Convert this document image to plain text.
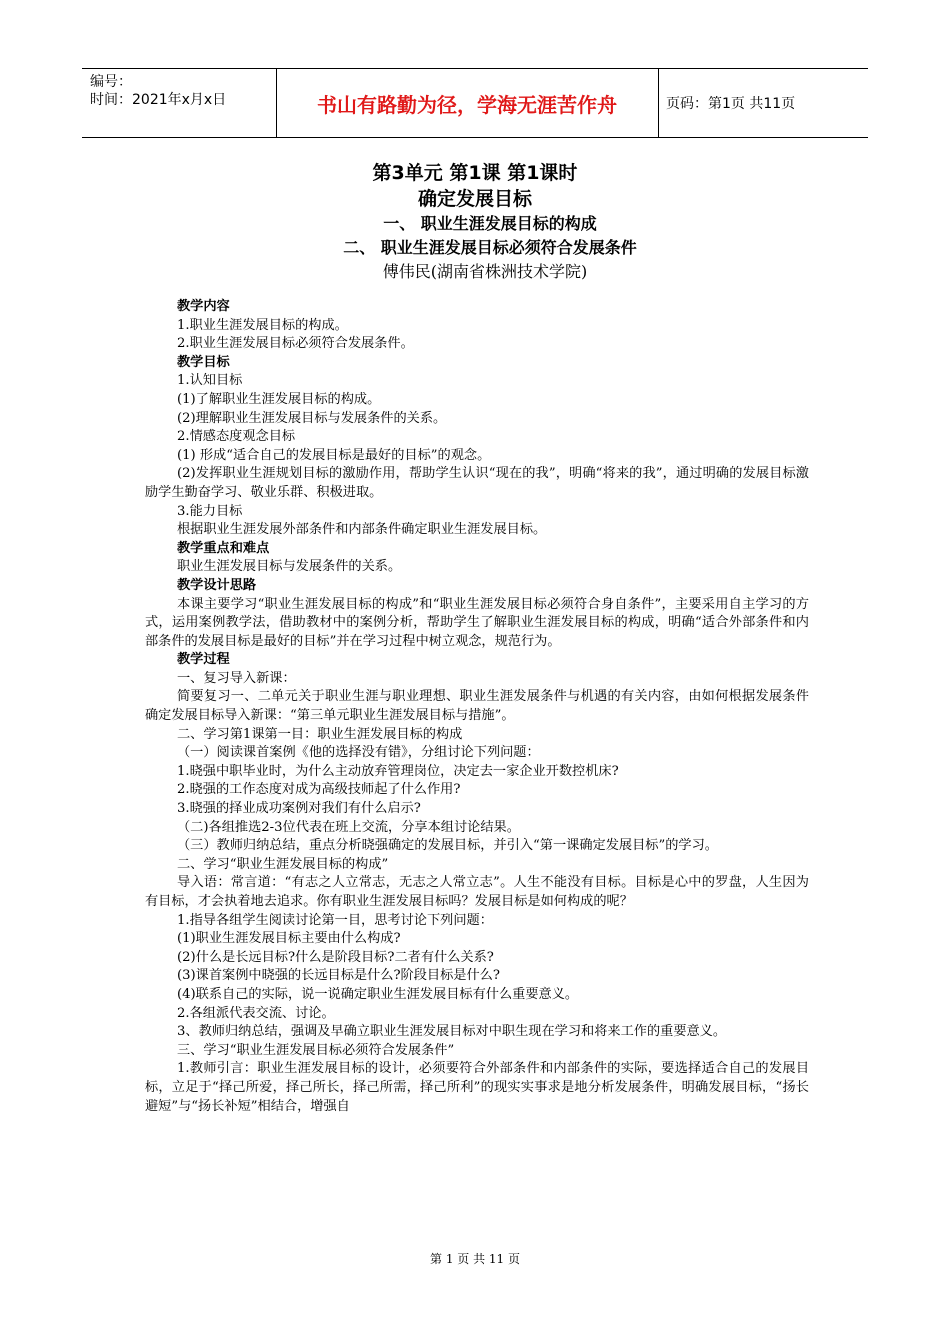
编号：
时间：2021年x月x日	书山有路勤为径，学海无涯苦作舟	页码：第1页 共11页
第3单元 第1课 第1课时
确定发展目标
一、 职业生涯发展目标的构成
二、 职业生涯发展目标必须符合发展条件
傅伟民(湖南省株洲技术学院)

教学内容

1.职业生涯发展目标的构成。

2.职业生涯发展目标必须符合发展条件。

教学目标

1.认知目标

(1)了解职业生涯发展目标的构成。

(2)理解职业生涯发展目标与发展条件的关系。

2.情感态度观念目标

(1) 形成“适合自己的发展目标是最好的目标”的观念。

(2)发挥职业生涯规划目标的激励作用，帮助学生认识“现在的我”，明确“将来的我”，通过明确的发展目标激励学生勤奋学习、敬业乐群、积极进取。

3.能力目标

根据职业生涯发展外部条件和内部条件确定职业生涯发展目标。

教学重点和难点

职业生涯发展目标与发展条件的关系。

教学设计思路

本课主要学习“职业生涯发展目标的构成”和“职业生涯发展目标必须符合身自条件”，主要采用自主学习的方式，运用案例教学法，借助教材中的案例分析，帮助学生了解职业生涯发展目标的构成，明确“适合外部条件和内部条件的发展目标是最好的目标”并在学习过程中树立观念，规范行为。

教学过程

一、复习导入新课：

简要复习一、二单元关于职业生涯与职业理想、职业生涯发展条件与机遇的有关内容，由如何根据发展条件确定发展目标导入新课：“第三单元职业生涯发展目标与措施”。

二、学习第1课第一目：职业生涯发展目标的构成

（一）阅读课首案例《他的选择没有错》，分组讨论下列问题：

1.晓强中职毕业时，为什么主动放弃管理岗位，决定去一家企业开数控机床?

2.晓强的工作态度对成为高级技师起了什么作用?

3.晓强的择业成功案例对我们有什么启示?

（二)各组推选2-3位代表在班上交流，分享本组讨论结果。

（三）教师归纳总结，重点分析晓强确定的发展目标，并引入“第一课确定发展目标”的学习。

二、学习“职业生涯发展目标的构成”

导入语：常言道：“有志之人立常志，无志之人常立志”。人生不能没有目标。目标是心中的罗盘，人生因为有目标，才会执着地去追求。你有职业生涯发展目标吗？发展目标是如何构成的呢？

1.指导各组学生阅读讨论第一目，思考讨论下列问题：

(1)职业生涯发展目标主要由什么构成?

(2)什么是长远目标?什么是阶段目标?二者有什么关系?

(3)课首案例中晓强的长远目标是什么?阶段目标是什么?

(4)联系自己的实际，说一说确定职业生涯发展目标有什么重要意义。

2.各组派代表交流、讨论。

3、教师归纳总结，强调及早确立职业生涯发展目标对中职生现在学习和将来工作的重要意义。

三、学习“职业生涯发展目标必须符合发展条件”

1.教师引言：职业生涯发展目标的设计，必须要符合外部条件和内部条件的实际，要选择适合自己的发展目标，立足于“择己所爱，择己所长，择己所需，择己所利”的现实实事求是地分析发展条件，明确发展目标，“扬长避短”与“扬长补短”相结合，增强自

第 1 页 共 11 页
